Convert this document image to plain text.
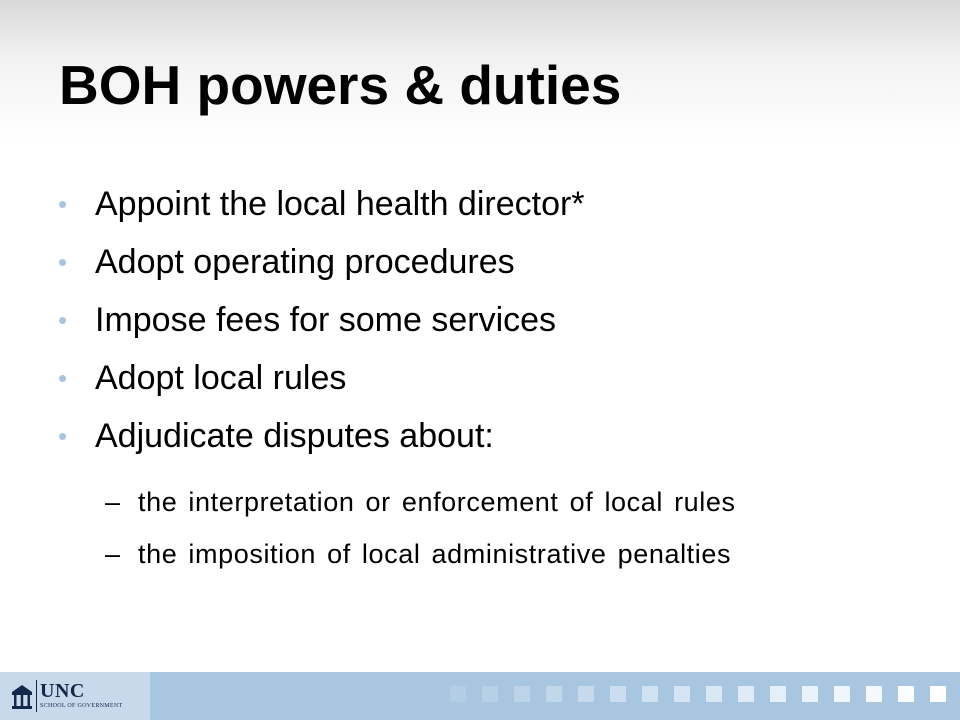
BOH powers & duties
• Appoint the local health director*
• Adopt operating procedures
• Impose fees for some services
• Adopt local rules
• Adjudicate disputes about:
– the interpretation or enforcement of local rules
– the imposition of local administrative penalties
UNC
SCHOOL OF GOVERNMENT
